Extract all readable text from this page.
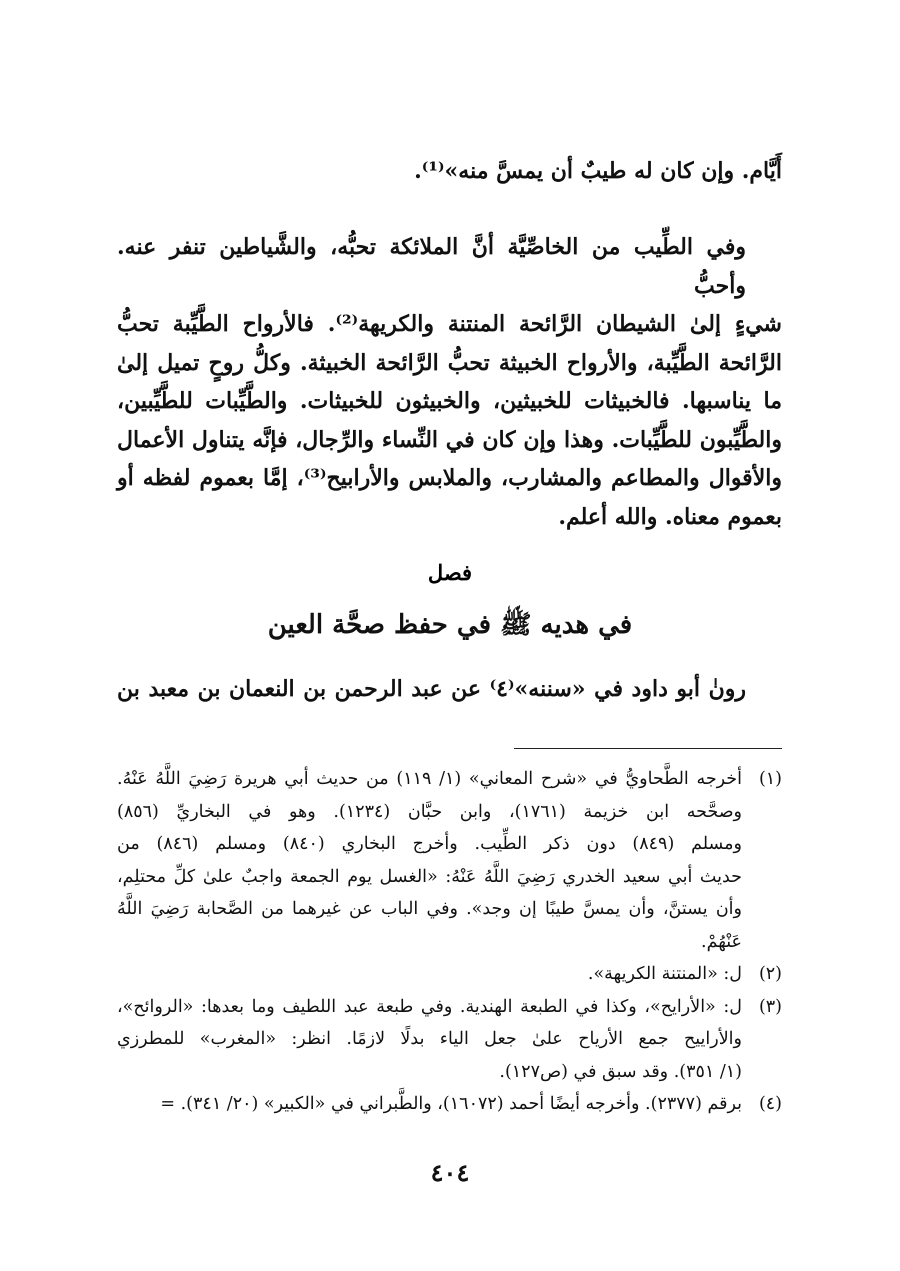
أَيَّام. وإن كان له طيبٌ أن يمسَّ منه»⁽¹⁾.
وفي الطِّيب من الخاصِّيَّة أنَّ الملائكة تحبُّه، والشَّياطين تنفر عنه. وأحبُّ
شيءٍ إلىٰ الشيطان الرَّائحة المنتنة والكريهة⁽²⁾. فالأرواح الطَّيِّبة تحبُّ
الرَّائحة الطَّيِّبة، والأرواح الخبيثة تحبُّ الرَّائحة الخبيثة. وكلُّ روحٍ تميل إلىٰ
ما يناسبها. فالخبيثات للخبيثين، والخبيثون للخبيثات. والطَّيِّبات للطَّيِّبين،
والطَّيِّبون للطَّيِّبات. وهذا وإن كان في النِّساء والرِّجال، فإنَّه يتناول الأعمال
والأقوال والمطاعم والمشارب، والملابس والأرابيح⁽³⁾، إمَّا بعموم لفظه أو
بعموم معناه. والله أعلم.
فصل
في هديه ﷺ في حفظ صحَّة العين
رونٰ أبو داود في «سننه»⁽٤⁾ عن عبد الرحمن بن النعمان بن معبد بن
(١)
أخرجه الطَّحاويُّ في «شرح المعاني» (١/ ١١٩) من حديث أبي هريرة رَضِيَ اللَّهُ عَنْهُ.
وصحَّحه ابن خزيمة (١٧٦١)، وابن حبَّان (١٢٣٤). وهو في البخاريِّ (٨٥٦)
ومسلم (٨٤٩) دون ذكر الطِّيب. وأخرج البخاري (٨٤٠) ومسلم (٨٤٦) من
حديث أبي سعيد الخدري رَضِيَ اللَّهُ عَنْهُ: «الغسل يوم الجمعة واجبٌ علىٰ كلِّ محتلِم،
وأن يستنَّ، وأن يمسَّ طيبًا إن وجد». وفي الباب عن غيرهما من الصَّحابة رَضِيَ اللَّهُ عَنْهُمْ.
(٢)
ل: «المنتنة الكريهة».
(٣)
ل: «الأرايح»، وكذا في الطبعة الهندية. وفي طبعة عبد اللطيف وما بعدها: «الروائح»،
والأراييح جمع الأرياح علىٰ جعل الياء بدلًا لازمًا. انظر: «المغرب» للمطرزي
(١/ ٣٥١). وقد سبق في (ص١٢٧).
(٤)
برقم (٢٣٧٧). وأخرجه أيضًا أحمد (١٦٠٧٢)، والطَّبراني في «الكبير» (٢٠/ ٣٤١). =
٤٠٤
